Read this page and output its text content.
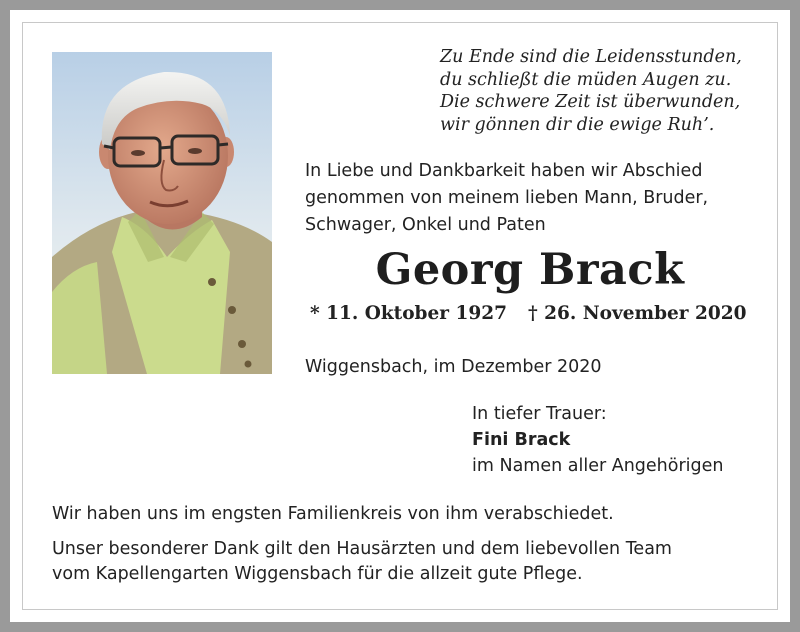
Zu Ende sind die Leidensstunden,
du schließt die müden Augen zu.
Die schwere Zeit ist überwunden,
wir gönnen dir die ewige Ruh’.
In Liebe und Dankbarkeit haben wir Abschied
genommen von meinem lieben Mann, Bruder,
Schwager, Onkel und Paten
Georg Brack
* 11. Oktober 1927 † 26. November 2020
Wiggensbach, im Dezember 2020
In tiefer Trauer:
Fini Brack
im Namen aller Angehörigen
Wir haben uns im engsten Familienkreis von ihm verabschiedet.
Unser besonderer Dank gilt den Hausärzten und dem liebevollen Team
vom Kapellengarten Wiggensbach für die allzeit gute Pflege.
